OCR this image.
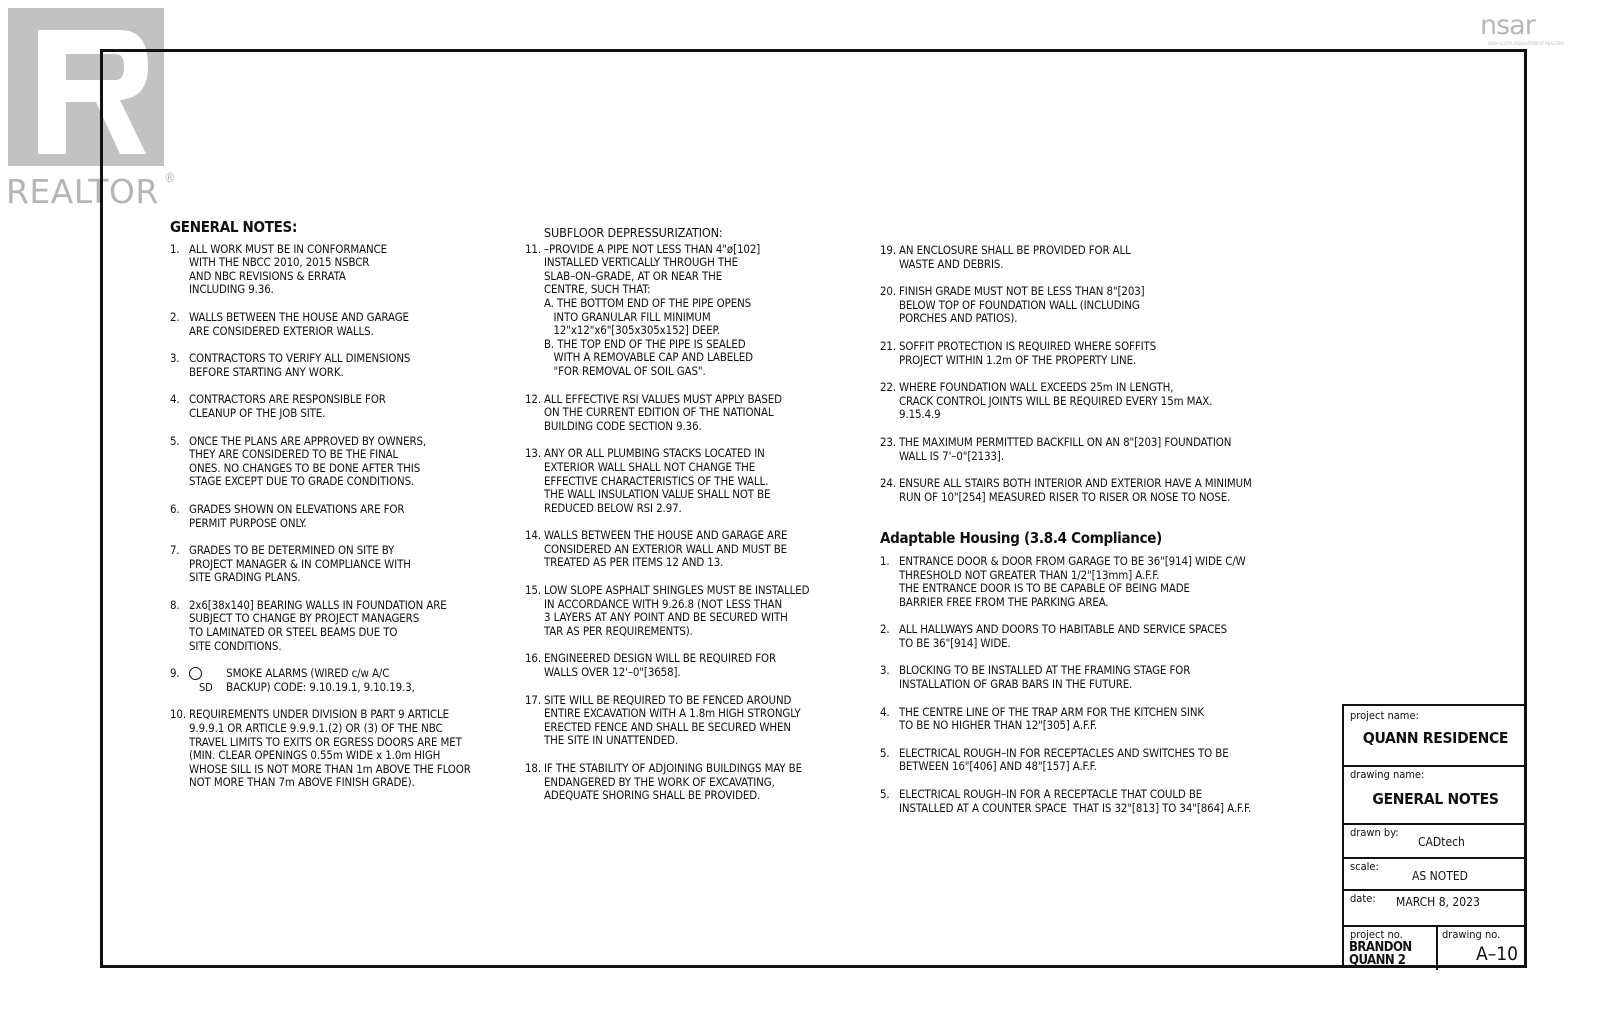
REALTOR ®
nsar
NOVA SCOTIA ASSOCIATION OF REALTORS
GENERAL NOTES:
1. ALL WORK MUST BE IN CONFORMANCE
WITH THE NBCC 2010, 2015 NSBCR
AND NBC REVISIONS & ERRATA
INCLUDING 9.36.
2. WALLS BETWEEN THE HOUSE AND GARAGE
ARE CONSIDERED EXTERIOR WALLS.
3. CONTRACTORS TO VERIFY ALL DIMENSIONS
BEFORE STARTING ANY WORK.
4. CONTRACTORS ARE RESPONSIBLE FOR
CLEANUP OF THE JOB SITE.
5. ONCE THE PLANS ARE APPROVED BY OWNERS,
THEY ARE CONSIDERED TO BE THE FINAL
ONES. NO CHANGES TO BE DONE AFTER THIS
STAGE EXCEPT DUE TO GRADE CONDITIONS.
6. GRADES SHOWN ON ELEVATIONS ARE FOR
PERMIT PURPOSE ONLY.
7. GRADES TO BE DETERMINED ON SITE BY
PROJECT MANAGER & IN COMPLIANCE WITH
SITE GRADING PLANS.
8. 2x6[38x140] BEARING WALLS IN FOUNDATION ARE
SUBJECT TO CHANGE BY PROJECT MANAGERS
TO LAMINATED OR STEEL BEAMS DUE TO
SITE CONDITIONS.
9.
SD

SMOKE ALARMS (WIRED c/w A/C
BACKUP) CODE: 9.10.19.1, 9.10.19.3,
10. REQUIREMENTS UNDER DIVISION B PART 9 ARTICLE
9.9.9.1 OR ARTICLE 9.9.9.1.(2) OR (3) OF THE NBC
TRAVEL LIMITS TO EXITS OR EGRESS DOORS ARE MET
(MIN. CLEAR OPENINGS 0.55m WIDE x 1.0m HIGH
WHOSE SILL IS NOT MORE THAN 1m ABOVE THE FLOOR
NOT MORE THAN 7m ABOVE FINISH GRADE).
SUBFLOOR DEPRESSURIZATION:
11. –PROVIDE A PIPE NOT LESS THAN 4"ø[102]
INSTALLED VERTICALLY THROUGH THE
SLAB–ON–GRADE, AT OR NEAR THE
CENTRE, SUCH THAT:
A. THE BOTTOM END OF THE PIPE OPENS
INTO GRANULAR FILL MINIMUM
12"x12"x6"[305x305x152] DEEP.
B. THE TOP END OF THE PIPE IS SEALED
WITH A REMOVABLE CAP AND LABELED
"FOR REMOVAL OF SOIL GAS".
12. ALL EFFECTIVE RSI VALUES MUST APPLY BASED
ON THE CURRENT EDITION OF THE NATIONAL
BUILDING CODE SECTION 9.36.
13. ANY OR ALL PLUMBING STACKS LOCATED IN
EXTERIOR WALL SHALL NOT CHANGE THE
EFFECTIVE CHARACTERISTICS OF THE WALL.
THE WALL INSULATION VALUE SHALL NOT BE
REDUCED BELOW RSI 2.97.
14. WALLS BETWEEN THE HOUSE AND GARAGE ARE
CONSIDERED AN EXTERIOR WALL AND MUST BE
TREATED AS PER ITEMS 12 AND 13.
15. LOW SLOPE ASPHALT SHINGLES MUST BE INSTALLED
IN ACCORDANCE WITH 9.26.8 (NOT LESS THAN
3 LAYERS AT ANY POINT AND BE SECURED WITH
TAR AS PER REQUIREMENTS).
16. ENGINEERED DESIGN WILL BE REQUIRED FOR
WALLS OVER 12'–0"[3658].
17. SITE WILL BE REQUIRED TO BE FENCED AROUND
ENTIRE EXCAVATION WITH A 1.8m HIGH STRONGLY
ERECTED FENCE AND SHALL BE SECURED WHEN
THE SITE IN UNATTENDED.
18. IF THE STABILITY OF ADJOINING BUILDINGS MAY BE
ENDANGERED BY THE WORK OF EXCAVATING,
ADEQUATE SHORING SHALL BE PROVIDED.
19. AN ENCLOSURE SHALL BE PROVIDED FOR ALL
WASTE AND DEBRIS.
20. FINISH GRADE MUST NOT BE LESS THAN 8"[203]
BELOW TOP OF FOUNDATION WALL (INCLUDING
PORCHES AND PATIOS).
21. SOFFIT PROTECTION IS REQUIRED WHERE SOFFITS
PROJECT WITHIN 1.2m OF THE PROPERTY LINE.
22. WHERE FOUNDATION WALL EXCEEDS 25m IN LENGTH,
CRACK CONTROL JOINTS WILL BE REQUIRED EVERY 15m MAX.
9.15.4.9
23. THE MAXIMUM PERMITTED BACKFILL ON AN 8"[203] FOUNDATION
WALL IS 7'–0"[2133].
24. ENSURE ALL STAIRS BOTH INTERIOR AND EXTERIOR HAVE A MINIMUM
RUN OF 10"[254] MEASURED RISER TO RISER OR NOSE TO NOSE.
Adaptable Housing (3.8.4 Compliance)
1. ENTRANCE DOOR & DOOR FROM GARAGE TO BE 36"[914] WIDE C/W
THRESHOLD NOT GREATER THAN 1/2"[13mm] A.F.F.
THE ENTRANCE DOOR IS TO BE CAPABLE OF BEING MADE
BARRIER FREE FROM THE PARKING AREA.
2. ALL HALLWAYS AND DOORS TO HABITABLE AND SERVICE SPACES
TO BE 36"[914] WIDE.
3. BLOCKING TO BE INSTALLED AT THE FRAMING STAGE FOR
INSTALLATION OF GRAB BARS IN THE FUTURE.
4. THE CENTRE LINE OF THE TRAP ARM FOR THE KITCHEN SINK
TO BE NO HIGHER THAN 12"[305] A.F.F.
5. ELECTRICAL ROUGH–IN FOR RECEPTACLES AND SWITCHES TO BE
BETWEEN 16"[406] AND 48"[157] A.F.F.
5. ELECTRICAL ROUGH–IN FOR A RECEPTACLE THAT COULD BE
INSTALLED AT A COUNTER SPACE  THAT IS 32"[813] TO 34"[864] A.F.F.
project name:
QUANN RESIDENCE
drawing name:
GENERAL NOTES
drawn by:
CADtech
scale:
AS NOTED
date: MARCH 8, 2023
project no.
BRANDON
QUANN 2
drawing no.
A–10
